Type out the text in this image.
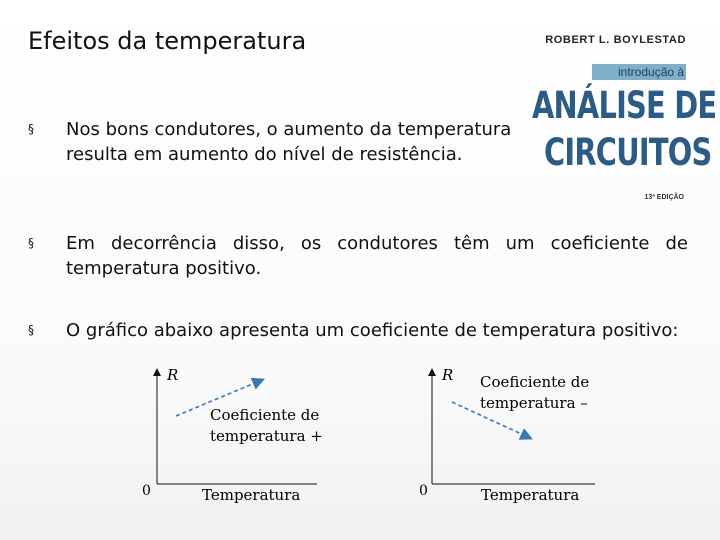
Efeitos da temperatura	ROBERT L. BOYLESTAD
introdução à
ANÁLISE DE
CIRCUITOS
13ª EDIÇÃO
§ Nos bons condutores, o aumento da temperatura resulta em aumento do nível de resistência.
§ Em decorrência disso, os condutores têm um coeficiente de temperatura positivo.
§ O gráfico abaixo apresenta um coeficiente de temperatura positivo:
R
0	Temperatura
Coeficiente de
temperatura +
R
0	Temperatura
Coeficiente de
temperatura –
